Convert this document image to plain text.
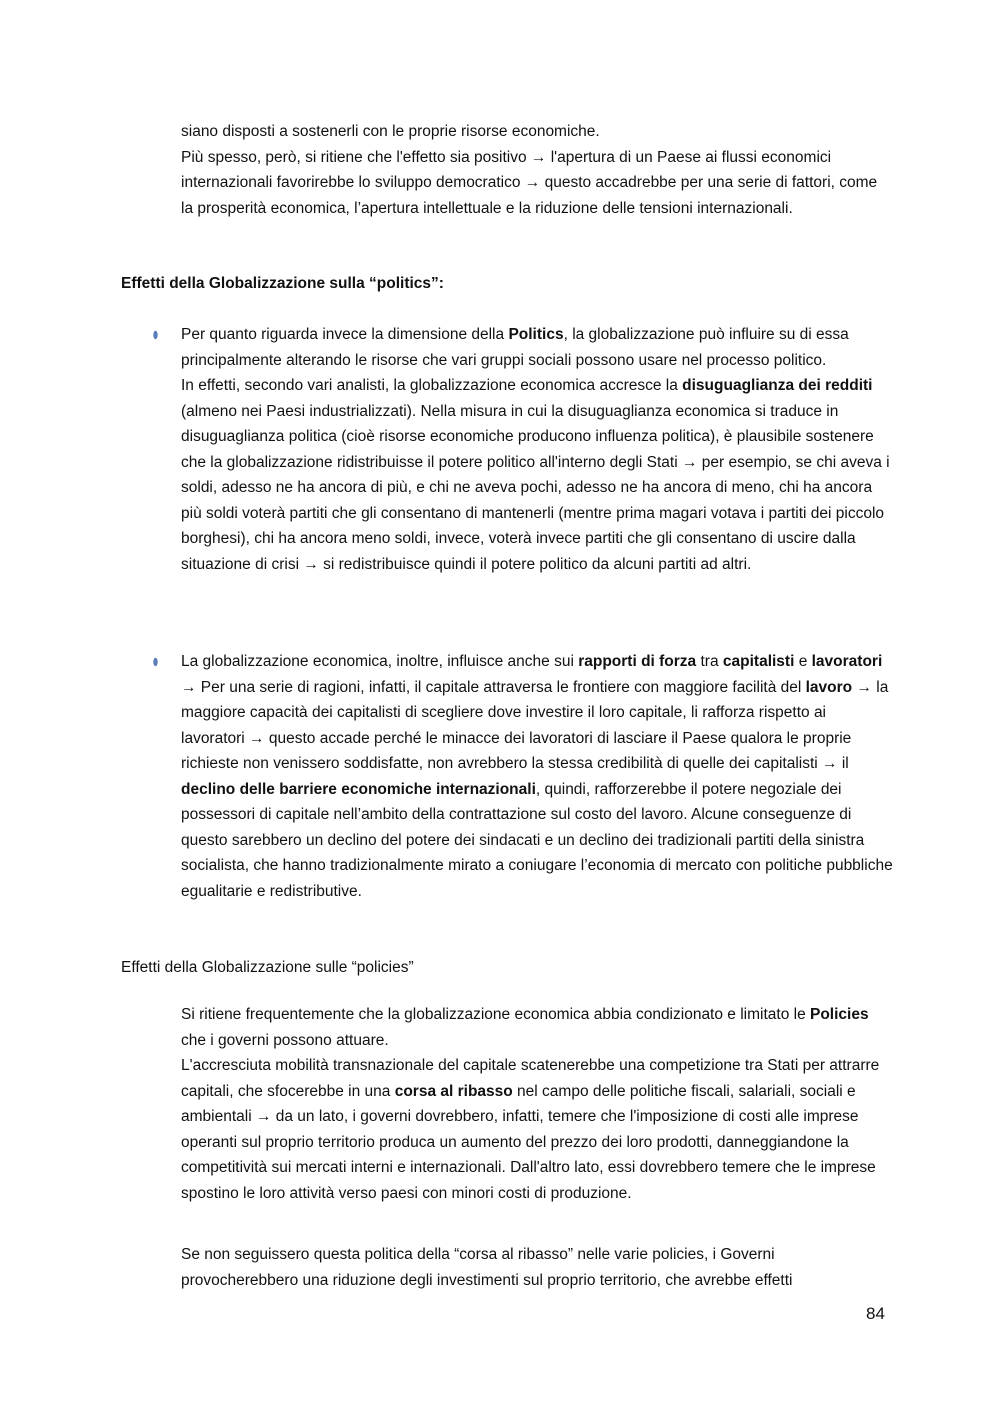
siano disposti a sostenerli con le proprie risorse economiche.

Più spesso, però, si ritiene che l'effetto sia positivo → l'apertura di un Paese ai flussi economici internazionali favorirebbe lo sviluppo democratico → questo accadrebbe per una serie di fattori, come la prosperità economica, l’apertura intellettuale e la riduzione delle tensioni internazionali.

Effetti della Globalizzazione sulla “politics”:

Per quanto riguarda invece la dimensione della Politics, la globalizzazione può influire su di essa principalmente alterando le risorse che vari gruppi sociali possono usare nel processo politico.

In effetti, secondo vari analisti, la globalizzazione economica accresce la disuguaglianza dei redditi (almeno nei Paesi industrializzati). Nella misura in cui la disuguaglianza economica si traduce in disuguaglianza politica (cioè risorse economiche producono influenza politica), è plausibile sostenere che la globalizzazione ridistribuisse il potere politico all'interno degli Stati → per esempio, se chi aveva i soldi, adesso ne ha ancora di più, e chi ne aveva pochi, adesso ne ha ancora di meno, chi ha ancora più soldi voterà partiti che gli consentano di mantenerli (mentre prima magari votava i partiti dei piccolo borghesi), chi ha ancora meno soldi, invece, voterà invece partiti che gli consentano di uscire dalla situazione di crisi → si redistribuisce quindi il potere politico da alcuni partiti ad altri.

La globalizzazione economica, inoltre, influisce anche sui rapporti di forza tra capitalisti e lavoratori → Per una serie di ragioni, infatti, il capitale attraversa le frontiere con maggiore facilità del lavoro → la maggiore capacità dei capitalisti di scegliere dove investire il loro capitale, li rafforza rispetto ai lavoratori → questo accade perché le minacce dei lavoratori di lasciare il Paese qualora le proprie richieste non venissero soddisfatte, non avrebbero la stessa credibilità di quelle dei capitalisti → il declino delle barriere economiche internazionali, quindi, rafforzerebbe il potere negoziale dei possessori di capitale nell’ambito della contrattazione sul costo del lavoro. Alcune conseguenze di questo sarebbero un declino del potere dei sindacati e un declino dei tradizionali partiti della sinistra socialista, che hanno tradizionalmente mirato a coniugare l’economia di mercato con politiche pubbliche egualitarie e redistributive.

Effetti della Globalizzazione sulle “policies”

Si ritiene frequentemente che la globalizzazione economica abbia condizionato e limitato le Policies che i governi possono attuare.

L'accresciuta mobilità transnazionale del capitale scatenerebbe una competizione tra Stati per attrarre capitali, che sfocerebbe in una corsa al ribasso nel campo delle politiche fiscali, salariali, sociali e ambientali → da un lato, i governi dovrebbero, infatti, temere che l'imposizione di costi alle imprese operanti sul proprio territorio produca un aumento del prezzo dei loro prodotti, danneggiandone la competitività sui mercati interni e internazionali. Dall'altro lato, essi dovrebbero temere che le imprese spostino le loro attività verso paesi con minori costi di produzione.

Se non seguissero questa politica della “corsa al ribasso” nelle varie policies, i Governi provocherebbero una riduzione degli investimenti sul proprio territorio, che avrebbe effetti

84
